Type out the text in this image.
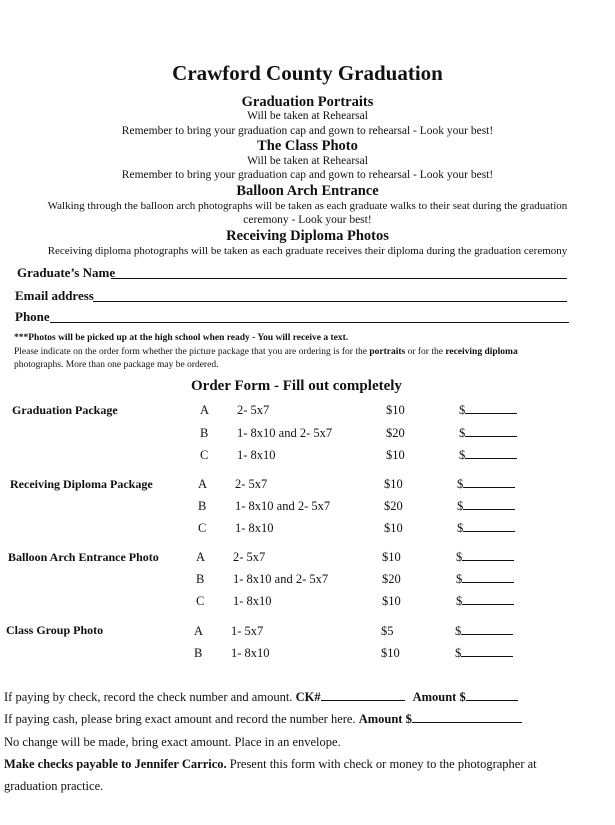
Crawford County Graduation
Graduation Portraits
Will be taken at Rehearsal
Remember to bring your graduation cap and gown to rehearsal - Look your best!
The Class Photo
Will be taken at Rehearsal
Remember to bring your graduation cap and gown to rehearsal - Look your best!
Balloon Arch Entrance
Walking through the balloon arch photographs will be taken as each graduate walks to their seat during the graduation
ceremony - Look your best!
Receiving Diploma Photos
Receiving diploma photographs will be taken as each graduate receives their diploma during the graduation ceremony
Graduate’s Name
Email address
Phone
***Photos will be picked up at the high school when ready - You will receive a text.
Please indicate on the order form whether the picture package that you are ordering is for the portraits or for the receiving diploma
photographs. More than one package may be ordered.
Order Form - Fill out completely
Graduation Package	A 2- 5x7	$10	$
B 1- 8x10 and 2- 5x7	$20	$
C 1- 8x10	$10	$
Receiving Diploma Package	A 2- 5x7	$10	$
B 1- 8x10 and 2- 5x7	$20	$
C 1- 8x10	$10	$
Balloon Arch Entrance Photo	A 2- 5x7	$10	$
B 1- 8x10 and 2- 5x7	$20	$
C 1- 8x10	$10	$
Class Group Photo	A 1- 5x7	$5	$
B 1- 8x10	$10	$
If paying by check, record the check number and amount. CK#	Amount $
If paying cash, please bring exact amount and record the number here. Amount $
No change will be made, bring exact amount. Place in an envelope.
Make checks payable to Jennifer Carrico. Present this form with check or money to the photographer at
graduation practice.
